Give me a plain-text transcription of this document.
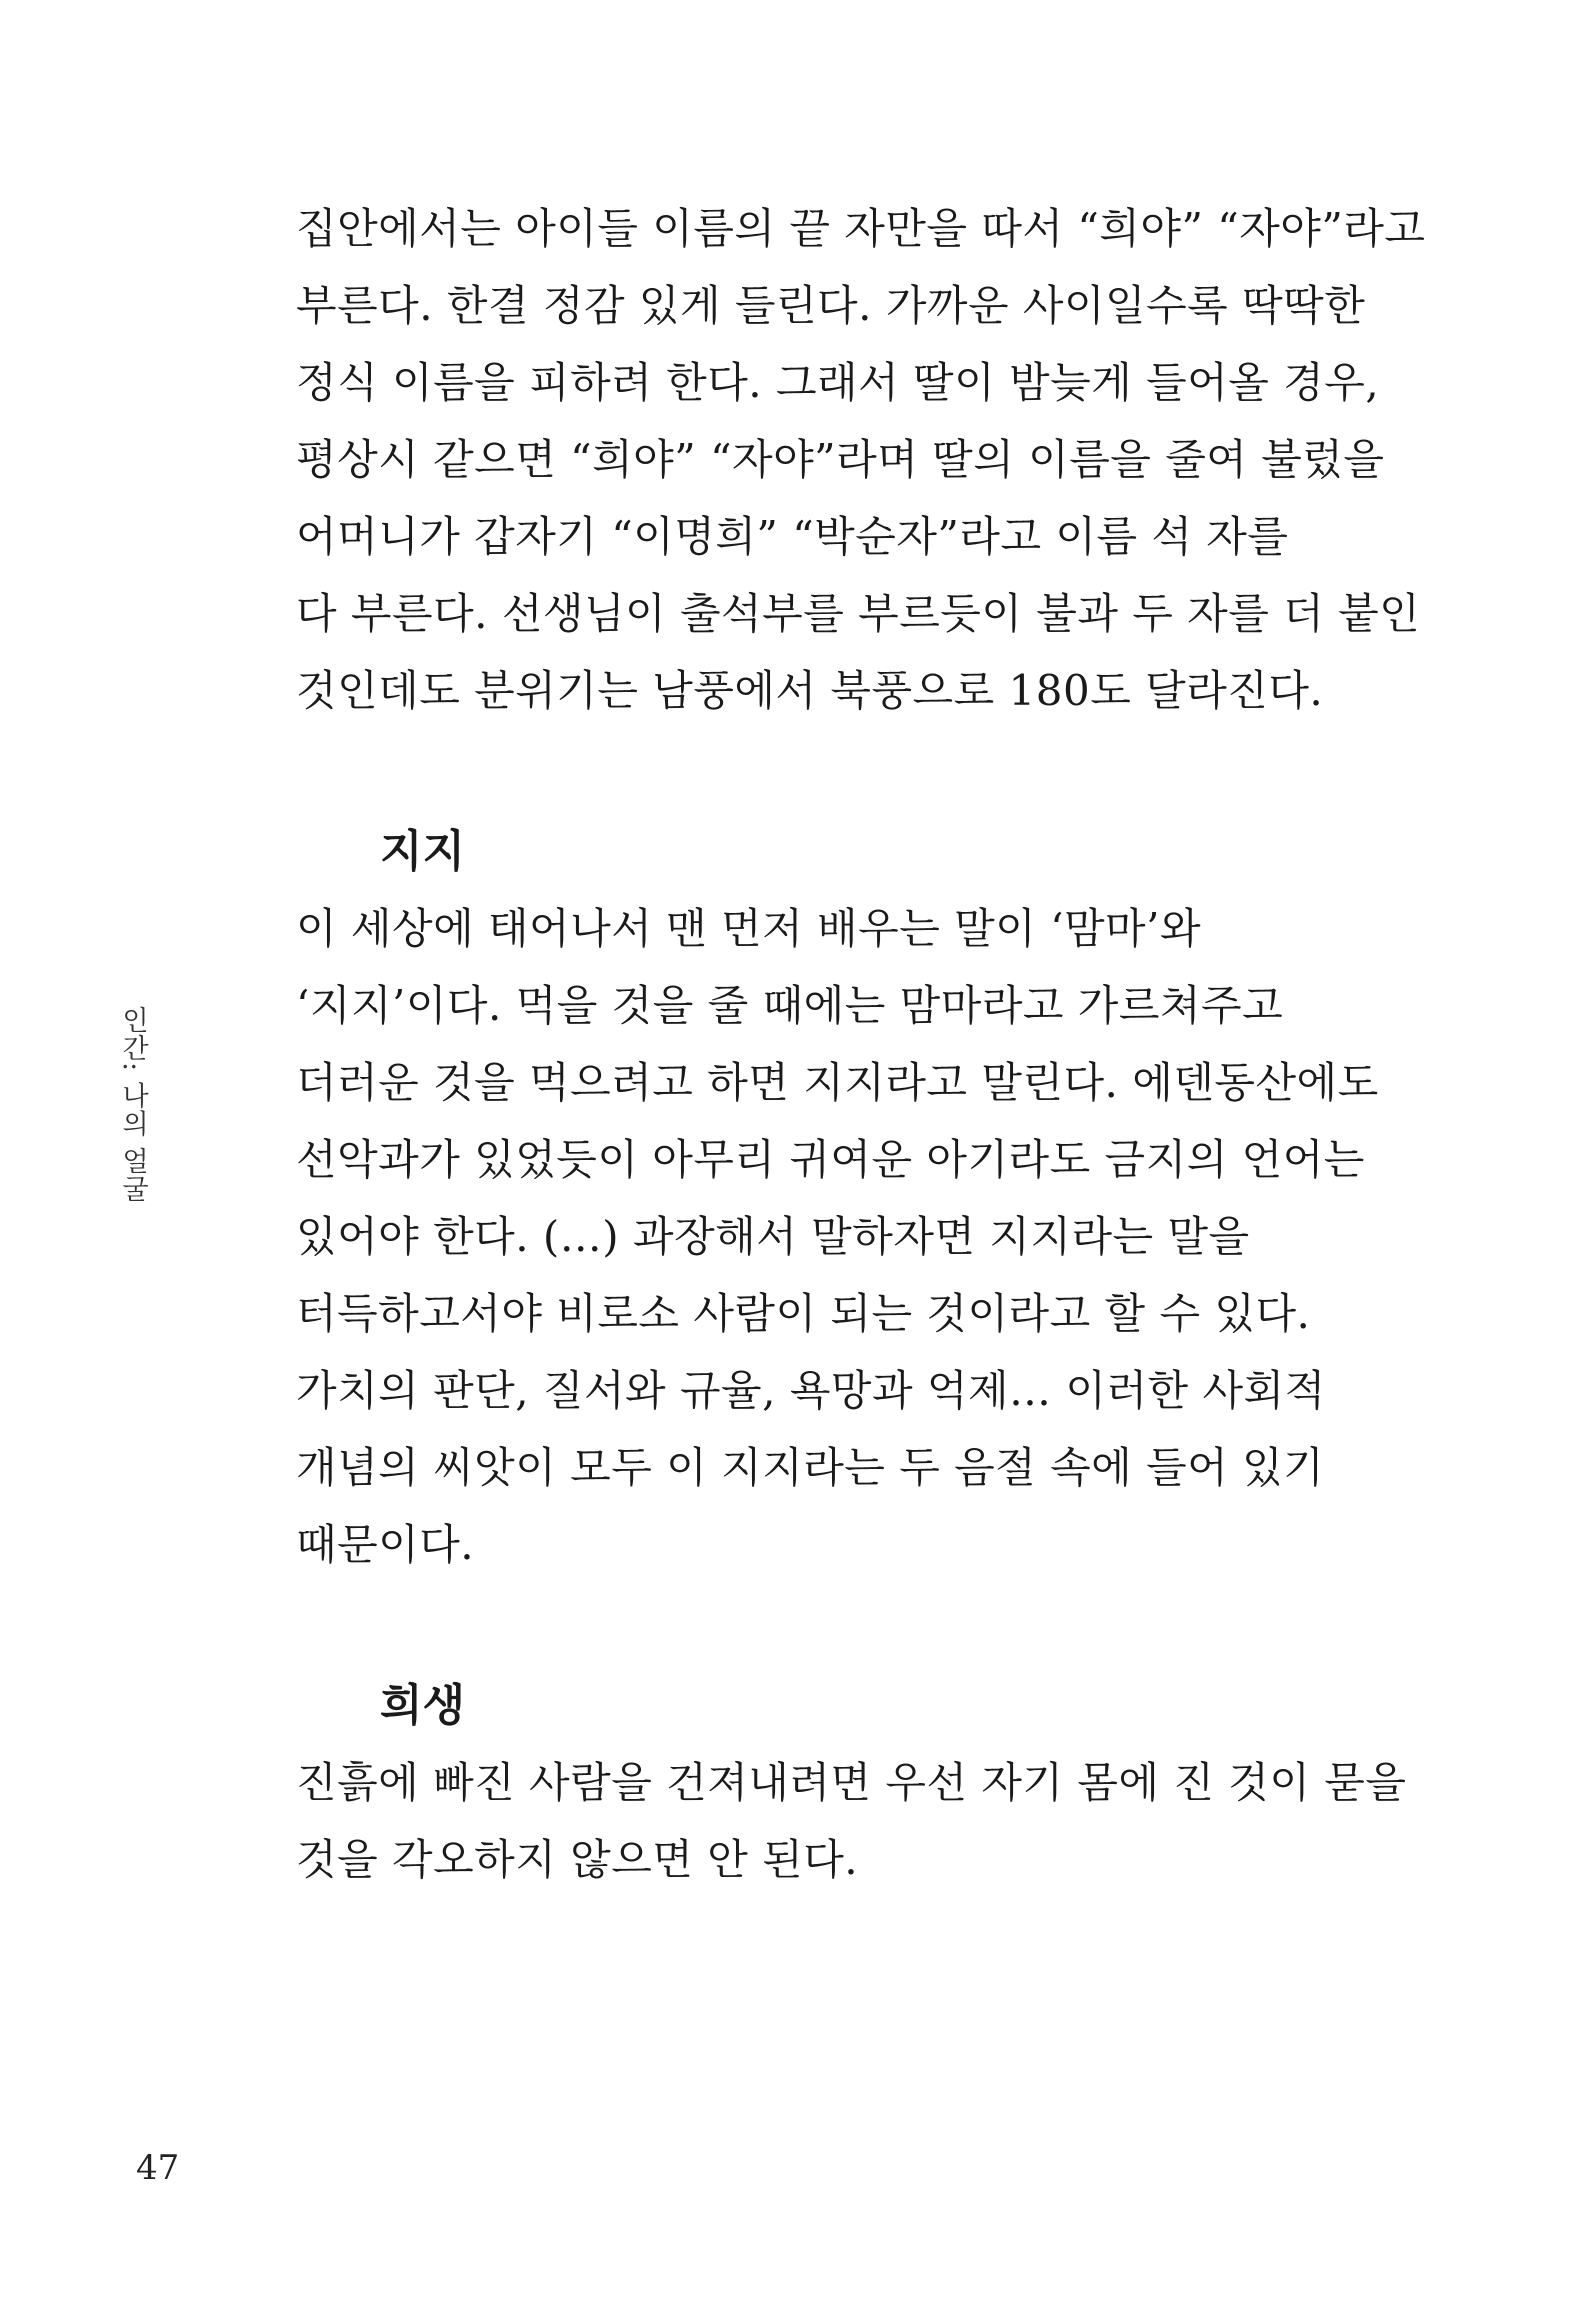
인간: 나의 얼굴

집안에서는 아이들 이름의 끝 자만을 따서 “희야” “자야”라고
부른다. 한결 정감 있게 들린다. 가까운 사이일수록 딱딱한
정식 이름을 피하려 한다. 그래서 딸이 밤늦게 들어올 경우,
평상시 같으면 “희야” “자야”라며 딸의 이름을 줄여 불렀을
어머니가 갑자기 “이명희” “박순자”라고 이름 석 자를
다 부른다. 선생님이 출석부를 부르듯이 불과 두 자를 더 붙인
것인데도 분위기는 남풍에서 북풍으로 180도 달라진다.

지지

이 세상에 태어나서 맨 먼저 배우는 말이 ‘맘마’와
‘지지’이다. 먹을 것을 줄 때에는 맘마라고 가르쳐주고
더러운 것을 먹으려고 하면 지지라고 말린다. 에덴동산에도
선악과가 있었듯이 아무리 귀여운 아기라도 금지의 언어는
있어야 한다. (…) 과장해서 말하자면 지지라는 말을
터득하고서야 비로소 사람이 되는 것이라고 할 수 있다.
가치의 판단, 질서와 규율, 욕망과 억제… 이러한 사회적
개념의 씨앗이 모두 이 지지라는 두 음절 속에 들어 있기
때문이다.

희생

진흙에 빠진 사람을 건져내려면 우선 자기 몸에 진 것이 묻을
것을 각오하지 않으면 안 된다.

47
